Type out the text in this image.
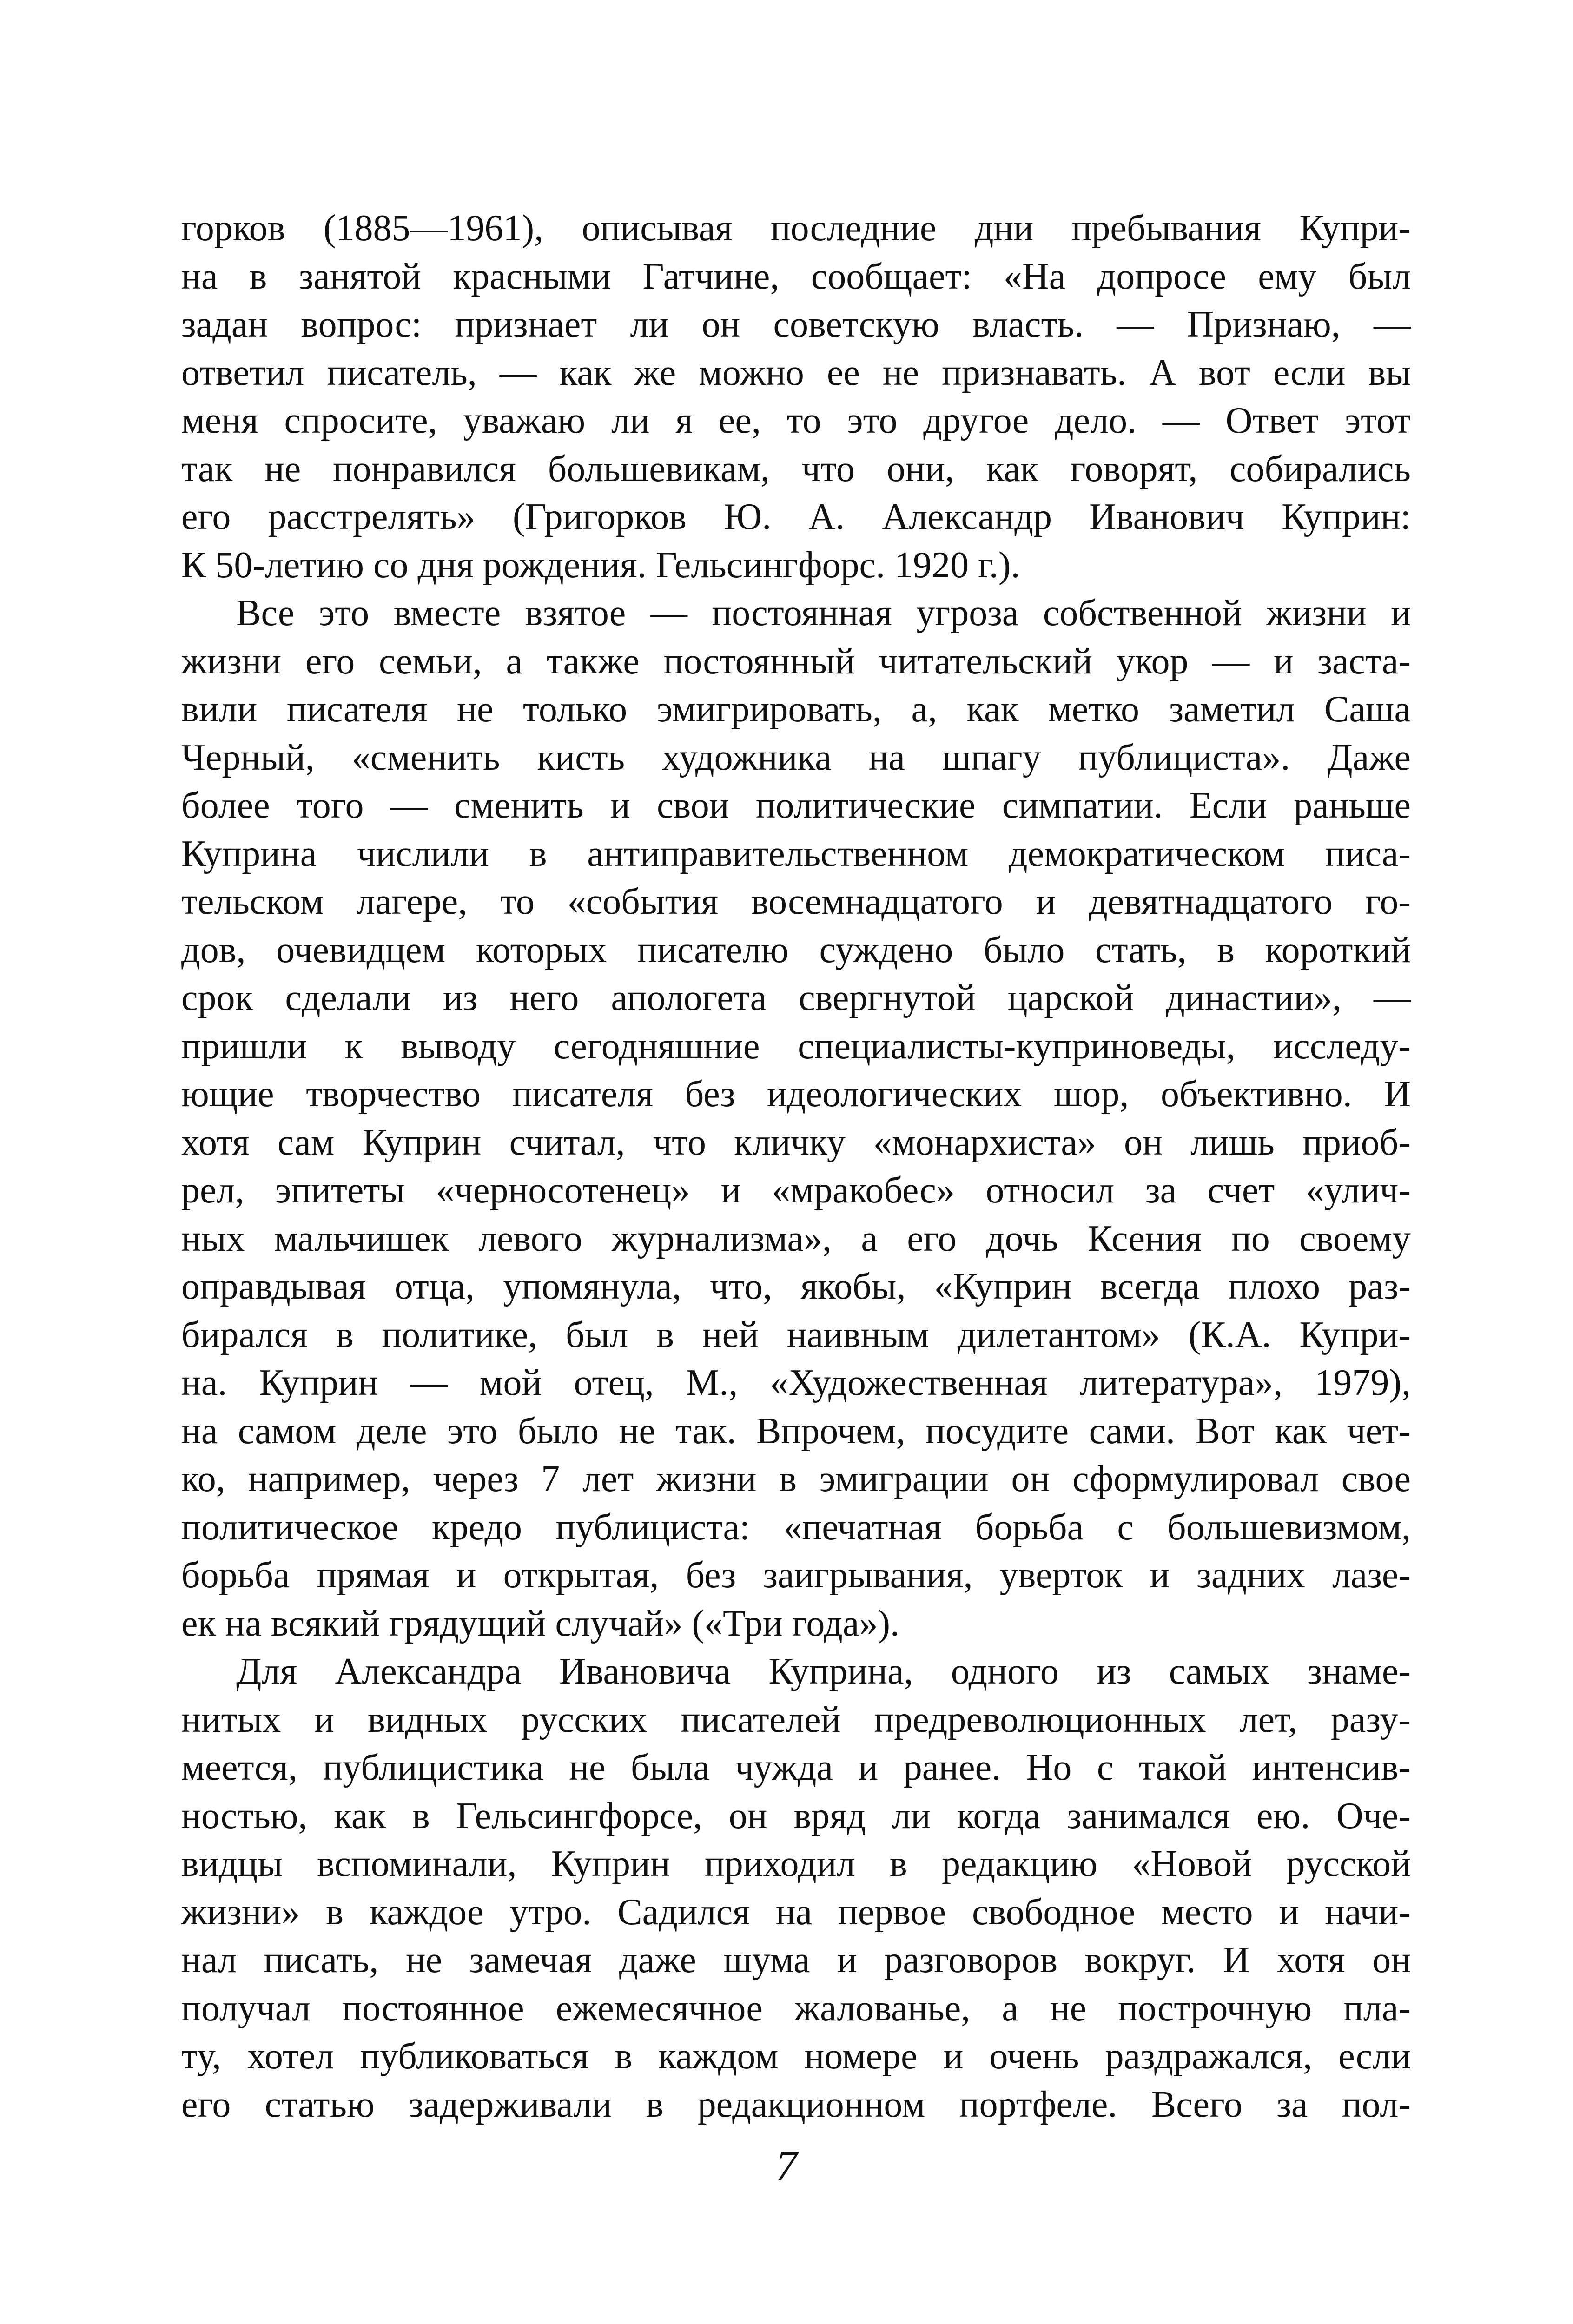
горков (1885—1961), описывая последние дни пребывания Купри-
на в занятой красными Гатчине, сообщает: «На допросе ему был
задан вопрос: признает ли он советскую власть. — Признаю, —
ответил писатель, — как же можно ее не признавать. А вот если вы
меня спросите, уважаю ли я ее, то это другое дело. — Ответ этот
так не понравился большевикам, что они, как говорят, собирались
его расстрелять» (Григорков Ю. А. Александр Иванович Куприн:
К 50-летию со дня рождения. Гельсингфорс. 1920 г.).
Все это вместе взятое — постоянная угроза собственной жизни и
жизни его семьи, а также постоянный читательский укор — и заста-
вили писателя не только эмигрировать, а, как метко заметил Саша
Черный, «сменить кисть художника на шпагу публициста». Даже
более того — сменить и свои политические симпатии. Если раньше
Куприна числили в антиправительственном демократическом писа-
тельском лагере, то «события восемнадцатого и девятнадцатого го-
дов, очевидцем которых писателю суждено было стать, в короткий
срок сделали из него апологета свергнутой царской династии», —
пришли к выводу сегодняшние специалисты-куприноведы, исследу-
ющие творчество писателя без идеологических шор, объективно. И
хотя сам Куприн считал, что кличку «монархиста» он лишь приоб-
рел, эпитеты «черносотенец» и «мракобес» относил за счет «улич-
ных мальчишек левого журнализма», а его дочь Ксения по своему
оправдывая отца, упомянула, что, якобы, «Куприн всегда плохо раз-
бирался в политике, был в ней наивным дилетантом» (К.А. Купри-
на. Куприн — мой отец, М., «Художественная литература», 1979),
на самом деле это было не так. Впрочем, посудите сами. Вот как чет-
ко, например, через 7 лет жизни в эмиграции он сформулировал свое
политическое кредо публициста: «печатная борьба с большевизмом,
борьба прямая и открытая, без заигрывания, уверток и задних лазе-
ек на всякий грядущий случай» («Три года»).
Для Александра Ивановича Куприна, одного из самых знаме-
нитых и видных русских писателей предреволюционных лет, разу-
меется, публицистика не была чужда и ранее. Но с такой интенсив-
ностью, как в Гельсингфорсе, он вряд ли когда занимался ею. Оче-
видцы вспоминали, Куприн приходил в редакцию «Новой русской
жизни» в каждое утро. Садился на первое свободное место и начи-
нал писать, не замечая даже шума и разговоров вокруг. И хотя он
получал постоянное ежемесячное жалованье, а не построчную пла-
ту, хотел публиковаться в каждом номере и очень раздражался, если
его статью задерживали в редакционном портфеле. Всего за пол-
7
